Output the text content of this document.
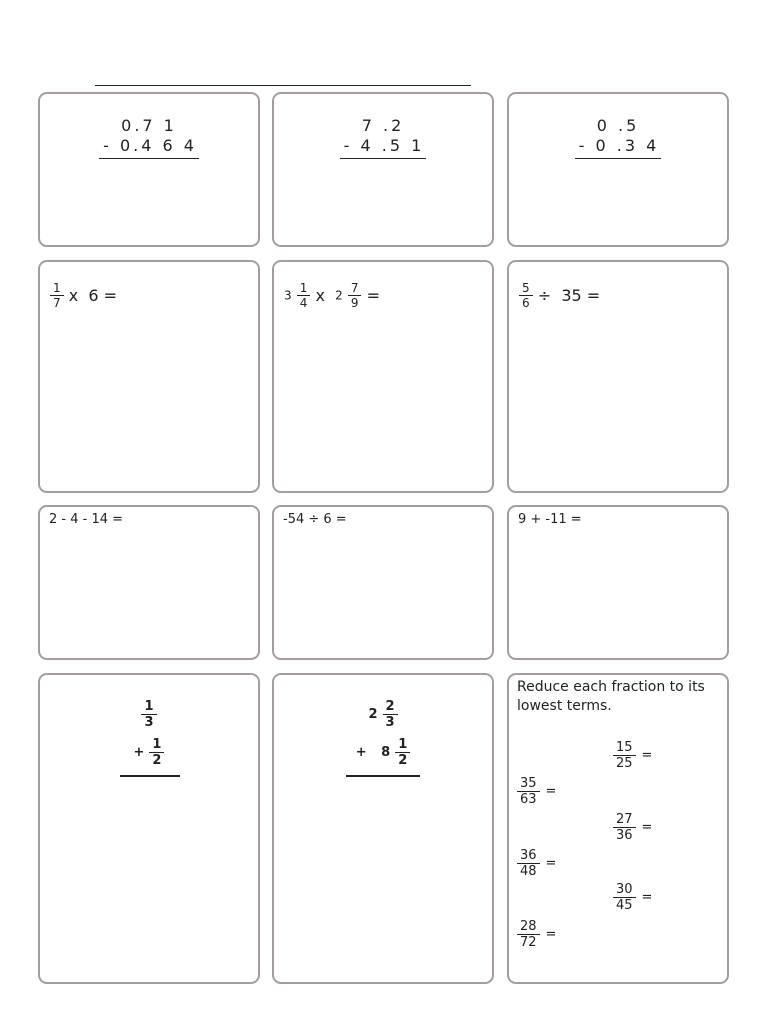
0.7 1
- 0.4 6 4
7 .2
- 4 .5 1
0 .5
- 0 .3 4
$\frac{1}{7}$ x 6 =	$3 \frac{1}{4}$ x $2 \frac{7}{9}$ =	$\frac{5}{6} \div 35$ =
2 - 4 - 14 =	-54 ÷ 6 =	9 + -11 =
$\frac{1}{3}$
+ $\frac{1}{2}$
$2 \frac{2}{3}$
+
$8 \frac{1}{2}$
Reduce each fraction to its lowest terms.
$\frac{15}{25}$ =
$\frac{35}{63}$ =
$\frac{27}{36}$ =
$\frac{36}{48}$ =
$\frac{30}{45}$ =
$\frac{28}{72}$ =
